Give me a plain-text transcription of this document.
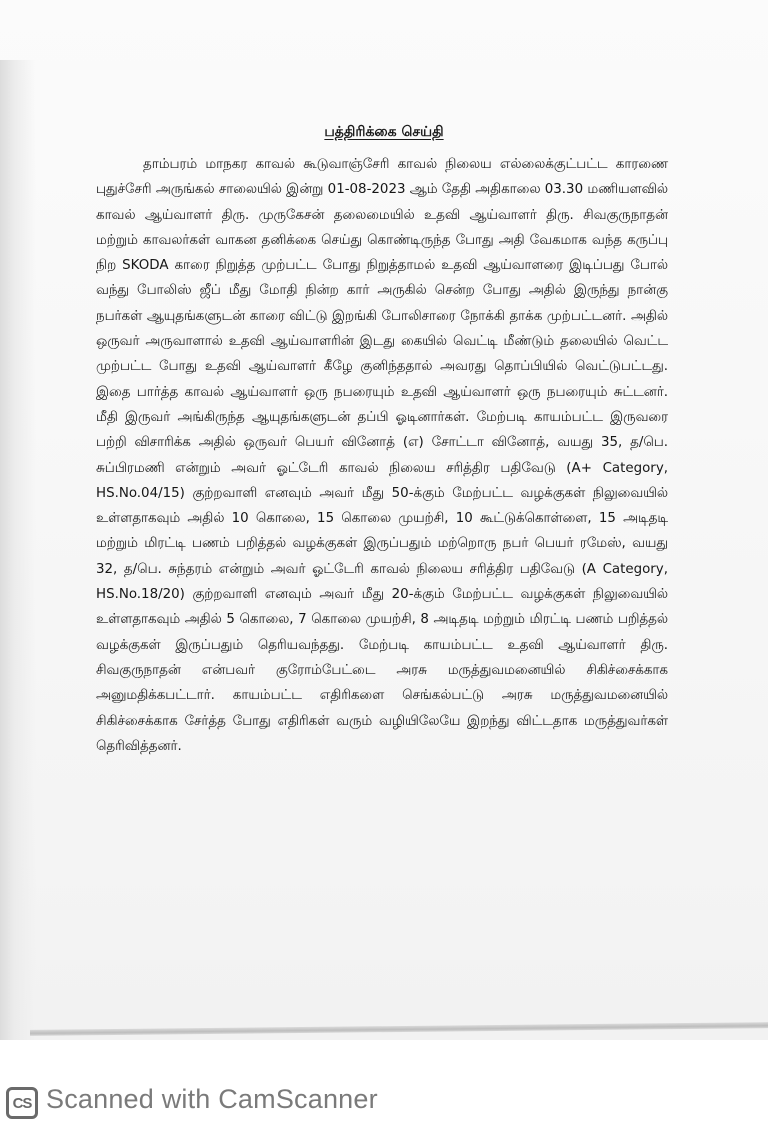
பத்திரிக்கை செய்தி

தாம்பரம் மாநகர காவல் கூடுவாஞ்சேரி காவல் நிலைய எல்லைக்குட்பட்ட காரணை புதுச்சேரி அருங்கல் சாலையில் இன்று 01-08-2023 ஆம் தேதி அதிகாலை 03.30 மணியளவில் காவல் ஆய்வாளர் திரு. முருகேசன் தலைமையில் உதவி ஆய்வாளர் திரு. சிவகுருநாதன் மற்றும் காவலர்கள் வாகன தனிக்கை செய்து கொண்டிருந்த போது அதி வேகமாக வந்த கருப்பு நிற SKODA காரை நிறுத்த முற்பட்ட போது நிறுத்தாமல் உதவி ஆய்வாளரை இடிப்பது போல் வந்து போலிஸ் ஜீப் மீது மோதி நின்ற கார் அருகில் சென்ற போது அதில் இருந்து நான்கு நபர்கள் ஆயுதங்களுடன் காரை விட்டு இறங்கி போலிசாரை நோக்கி தாக்க முற்பட்டனர். அதில் ஒருவர் அருவாளால் உதவி ஆய்வாளரின் இடது கையில் வெட்டி மீண்டும் தலையில் வெட்ட முற்பட்ட போது உதவி ஆய்வாளர் கீழே குனிந்ததால் அவரது தொப்பியில் வெட்டுபட்டது. இதை பார்த்த காவல் ஆய்வாளர் ஒரு நபரையும் உதவி ஆய்வாளர் ஒரு நபரையும் சுட்டனர். மீதி இருவர் அங்கிருந்த ஆயுதங்களுடன் தப்பி ஓடினார்கள். மேற்படி காயம்பட்ட இருவரை பற்றி விசாரிக்க அதில் ஒருவர் பெயர் வினோத் (எ) சோட்டா வினோத், வயது 35, த/பெ. சுப்பிரமணி என்றும் அவர் ஓட்டேரி காவல் நிலைய சரித்திர பதிவேடு (A+ Category, HS.No.04/15) குற்றவாளி எனவும் அவர் மீது 50-க்கும் மேற்பட்ட வழக்குகள் நிலுவையில் உள்ளதாகவும் அதில் 10 கொலை, 15 கொலை முயற்சி, 10 கூட்டுக்கொள்ளை, 15 அடிதடி மற்றும் மிரட்டி பணம் பறித்தல் வழக்குகள் இருப்பதும் மற்றொரு நபர் பெயர் ரமேஸ், வயது 32, த/பெ. சுந்தரம் என்றும் அவர் ஓட்டேரி காவல் நிலைய சரித்திர பதிவேடு (A Category, HS.No.18/20) குற்றவாளி எனவும் அவர் மீது 20-க்கும் மேற்பட்ட வழக்குகள் நிலுவையில் உள்ளதாகவும் அதில் 5 கொலை, 7 கொலை முயற்சி, 8 அடிதடி மற்றும் மிரட்டி பணம் பறித்தல் வழக்குகள் இருப்பதும் தெரியவந்தது. மேற்படி காயம்பட்ட உதவி ஆய்வாளர் திரு. சிவகுருநாதன் என்பவர் குரோம்பேட்டை அரசு மருத்துவமனையில் சிகிச்சைக்காக அனுமதிக்கபட்டார். காயம்பட்ட எதிரிகளை செங்கல்பட்டு அரசு மருத்துவமனையில் சிகிச்சைக்காக சேர்த்த போது எதிரிகள் வரும் வழியிலேயே இறந்து விட்டதாக மருத்துவர்கள் தெரிவித்தனர்.

CS Scanned with CamScanner
